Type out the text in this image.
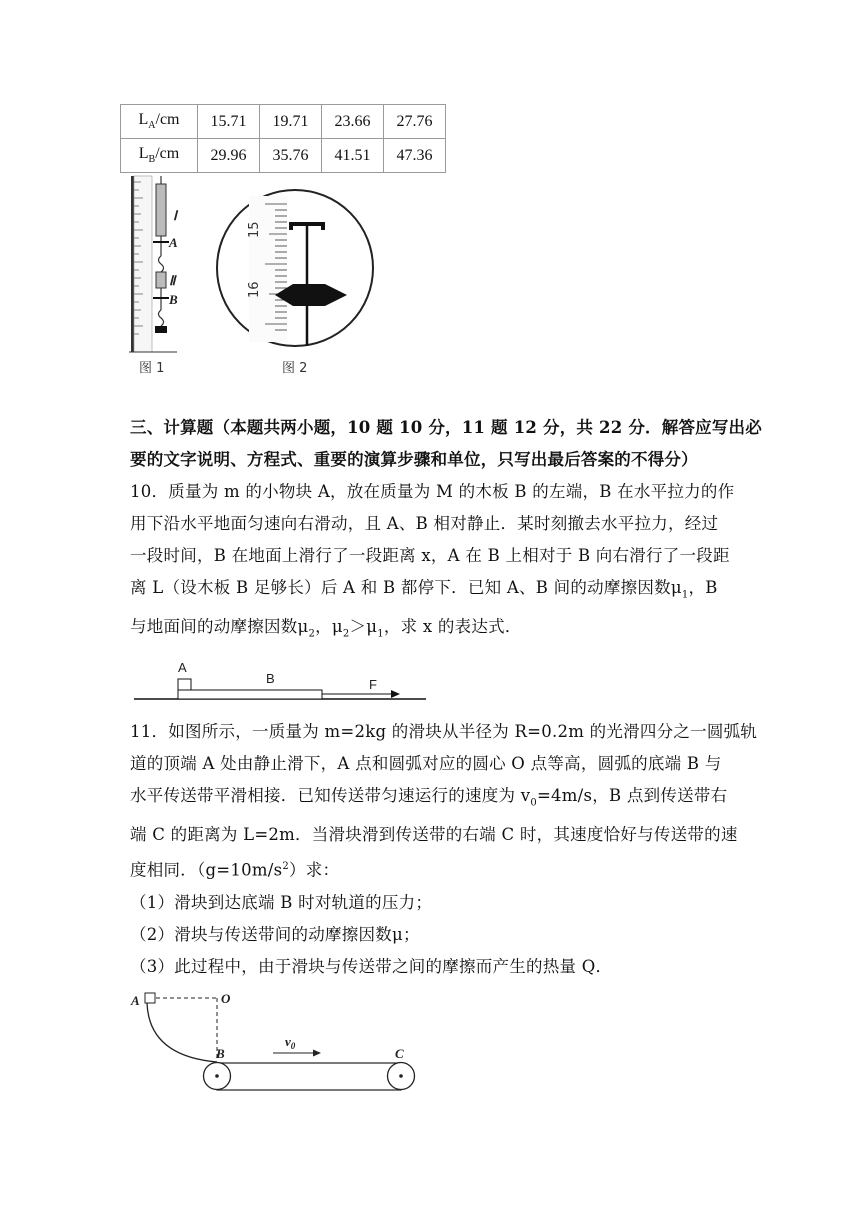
$L_A/cm$	15.71	19.71	23.66	27.76
$L_B/cm$	29.96	35.76	41.51	47.36
Ⅰ
A
Ⅱ
B
图 1
15
16
图 2
三、计算题（本题共两小题，10 题 10 分，11 题 12 分，共 22 分．解答应写出必
要的文字说明、方程式、重要的演算步骤和单位，只写出最后答案的不得分）
10．质量为 m 的小物块 A，放在质量为 M 的木板 B 的左端，B 在水平拉力的作
用下沿水平地面匀速向右滑动，且 A、B 相对静止．某时刻撤去水平拉力，经过
一段时间，B 在地面上滑行了一段距离 x，A 在 B 上相对于 B 向右滑行了一段距
离 L（设木板 B 足够长）后 A 和 B 都停下．已知 A、B 间的动摩擦因数$\mu_1$，B
与地面间的动摩擦因数$\mu_2$，$\mu_2>\mu_1$，求 x 的表达式．
A
B	F
11．如图所示，一质量为 m=2kg 的滑块从半径为 R=0.2m 的光滑四分之一圆弧轨
道的顶端 A 处由静止滑下，A 点和圆弧对应的圆心 O 点等高，圆弧的底端 B 与
水平传送带平滑相接．已知传送带匀速运行的速度为 $v_0=4m/s$，B 点到传送带右
端 C 的距离为 L=2m．当滑块滑到传送带的右端 C 时，其速度恰好与传送带的速
度相同．$(g=10m/s^2)$求：
（1）滑块到达底端 B 时对轨道的压力；
（2）滑块与传送带间的动摩擦因数μ；
（3）此过程中，由于滑块与传送带之间的摩擦而产生的热量 Q．
A	O
B	C
$v_0$
